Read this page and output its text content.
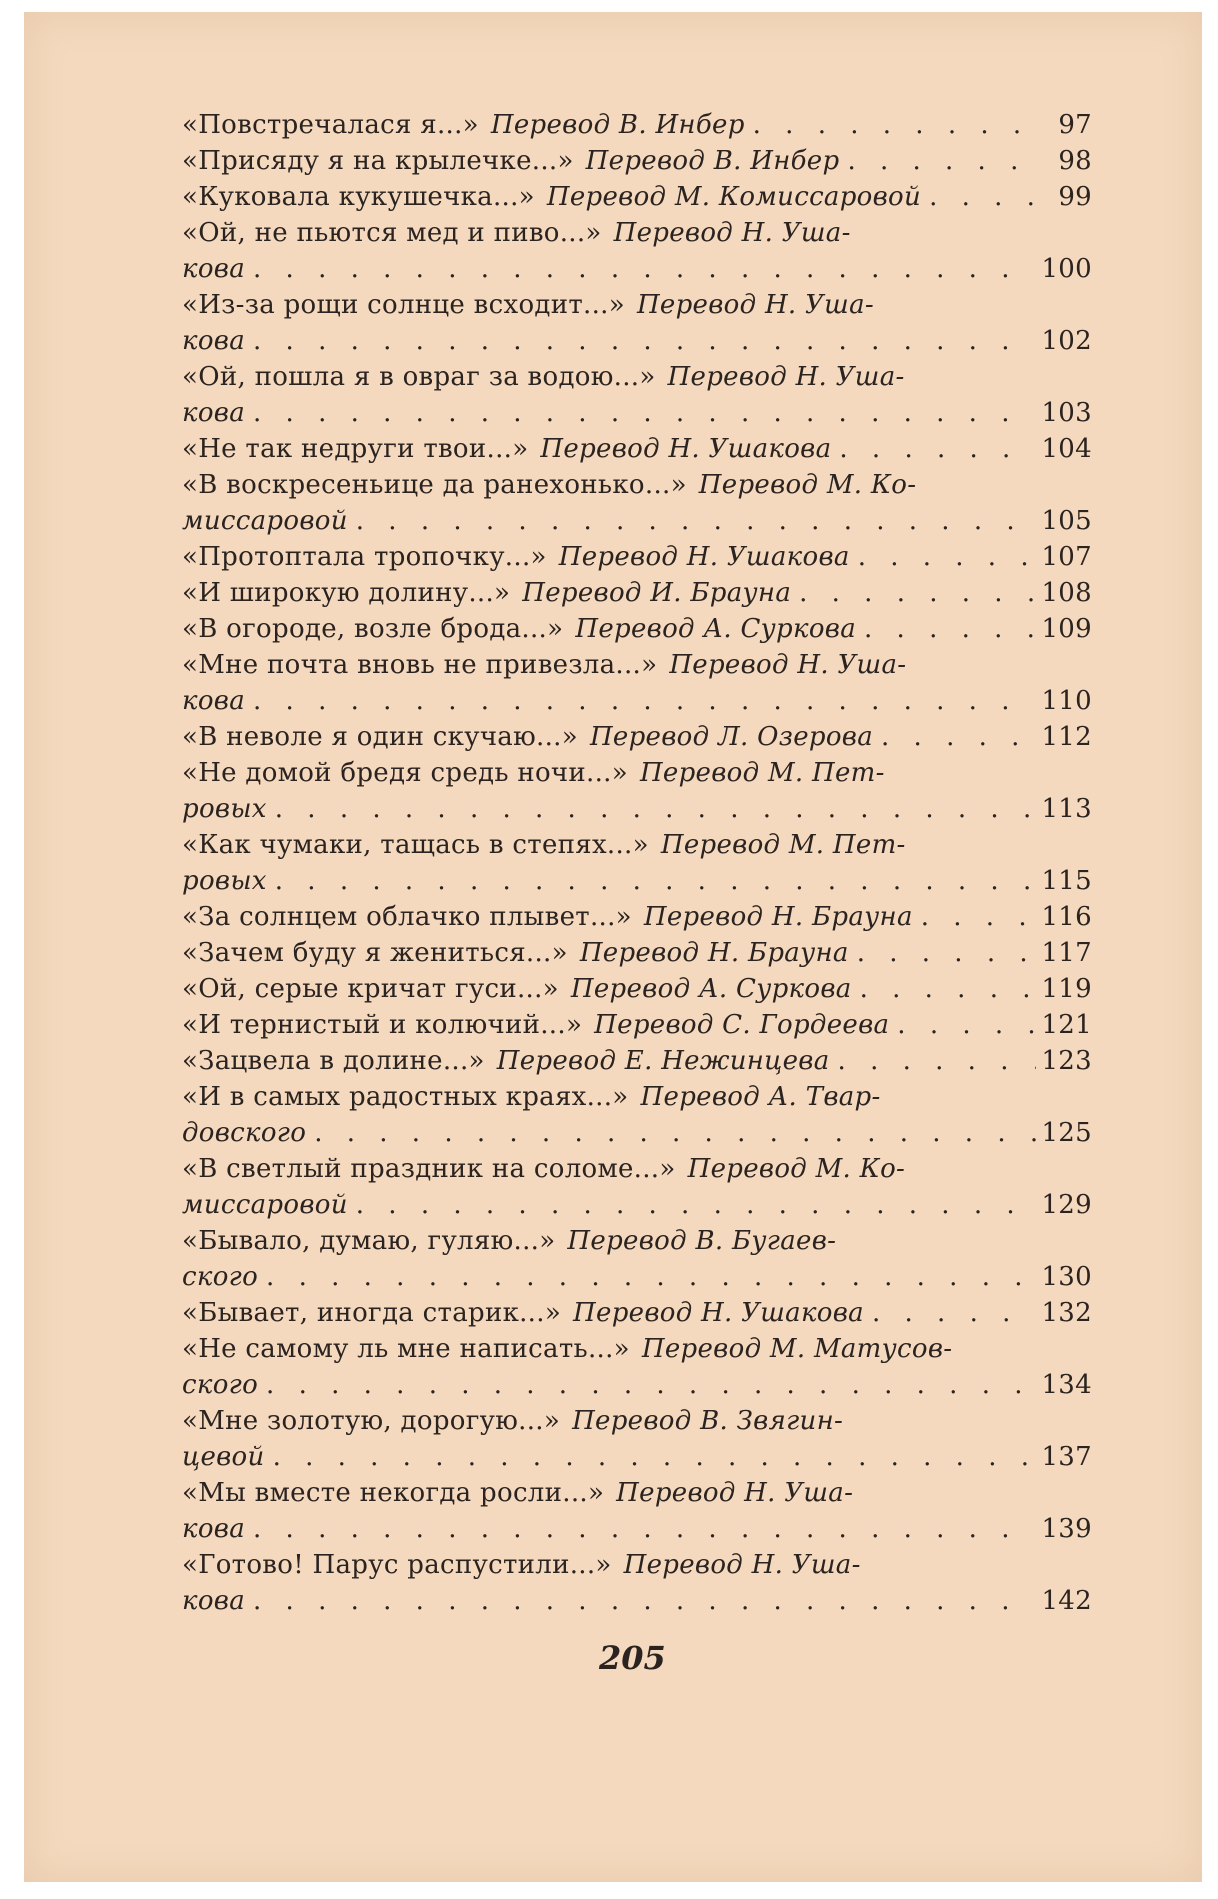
«Повстречалася я...» Перевод В. Инбер . . .	97
«Присяду я на крылечке...» Перевод В. Инбер . . .	98
«Куковала кукушечка...» Перевод М. Комиссаровой . . .	99
«Ой, не пьются мед и пиво...» Перевод Н. Уша-
кова . . .	100
«Из-за рощи солнце всходит...» Перевод Н. Уша-
кова . . .	102
«Ой, пошла я в овраг за водою...» Перевод Н. Уша-
кова . . .	103
«Не так недруги твои...» Перевод Н. Ушакова . . .	104
«В воскресеньице да ранехонько...» Перевод М. Ко-
миссаровой . . .	105
«Протоптала тропочку...» Перевод Н. Ушакова . . .	107
«И широкую долину...» Перевод И. Брауна . . .	108
«В огороде, возле брода...» Перевод А. Суркова . . .	109
«Мне почта вновь не привезла...» Перевод Н. Уша-
кова . . .	110
«В неволе я один скучаю...» Перевод Л. Озерова . . .	112
«Не домой бредя средь ночи...» Перевод М. Пет-
ровых . . .	113
«Как чумаки, тащась в степях...» Перевод М. Пет-
ровых . . .	115
«За солнцем облачко плывет...» Перевод Н. Брауна . . .	116
«Зачем буду я жениться...» Перевод Н. Брауна . . .	117
«Ой, серые кричат гуси...» Перевод А. Суркова . . .	119
«И тернистый и колючий...» Перевод С. Гордеева . . .	121
«Зацвела в долине...» Перевод Е. Нежинцева . . .	123
«И в самых радостных краях...» Перевод А. Твар-
довского . . .	125
«В светлый праздник на соломе...» Перевод М. Ко-
миссаровой . . .	129
«Бывало, думаю, гуляю...» Перевод В. Бугаев-
ского . . .	130
«Бывает, иногда старик...» Перевод Н. Ушакова . . .	132
«Не самому ль мне написать...» Перевод М. Матусов-
ского . . .	134
«Мне золотую, дорогую...» Перевод В. Звягин-
цевой . . .	137
«Мы вместе некогда росли...» Перевод Н. Уша-
кова . . .	139
«Готово! Парус распустили...» Перевод Н. Уша-
кова . . .	142
205
